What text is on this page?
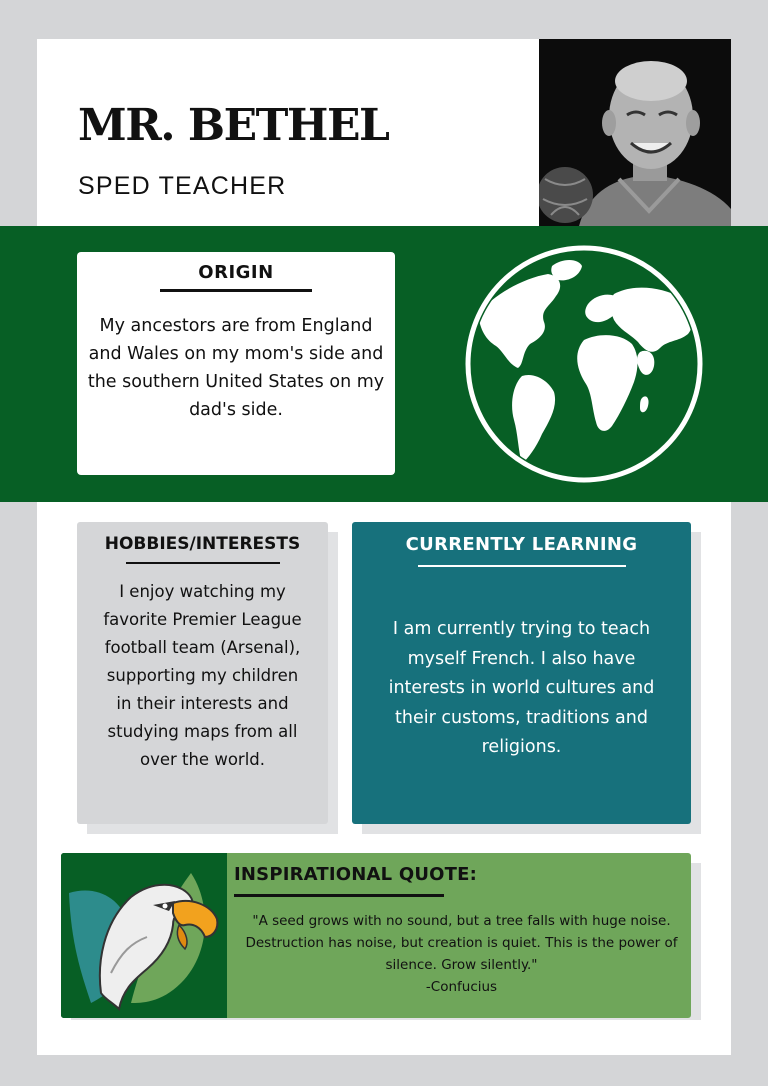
MR. BETHEL
SPED TEACHER
ORIGIN
My ancestors are from England and Wales on my mom's side and the southern United States on my dad's side.
HOBBIES/INTERESTS
I enjoy watching my favorite Premier League football team (Arsenal), supporting my children in their interests and studying maps from all over the world.
CURRENTLY LEARNING
I am currently trying to teach myself French. I also have interests in world cultures and their customs, traditions and religions.
INSPIRATIONAL QUOTE:
"A seed grows with no sound, but a tree falls with huge noise. Destruction has noise, but creation is quiet. This is the power of silence. Grow silently."
-Confucius
